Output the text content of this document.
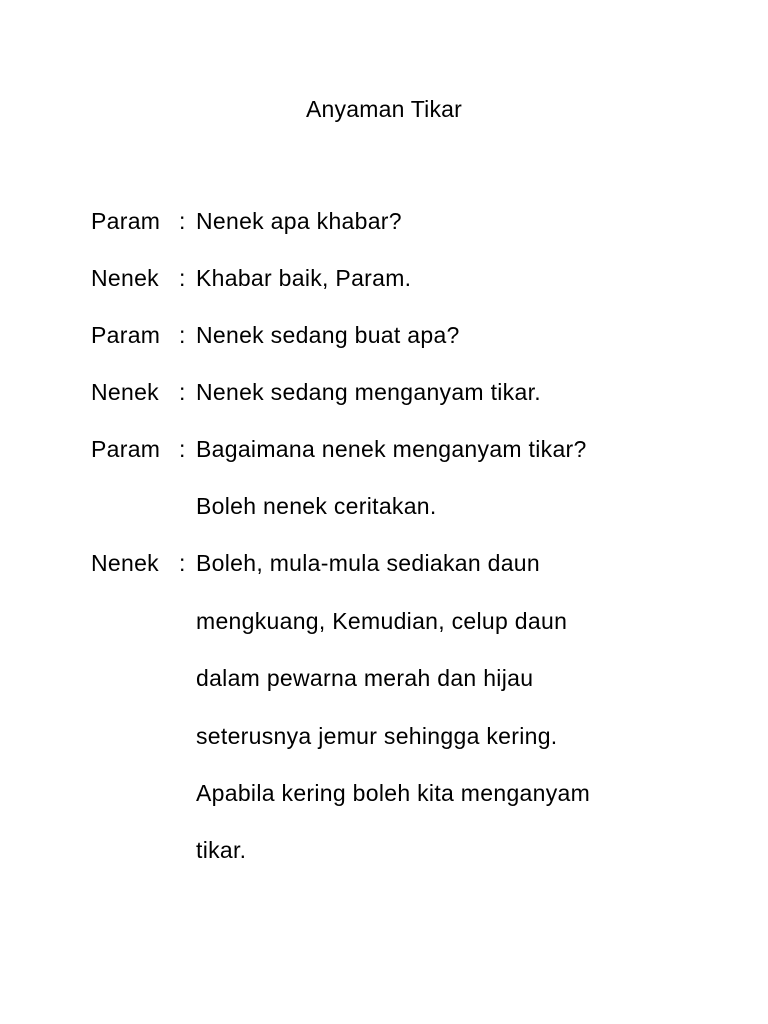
Anyaman Tikar
Param : Nenek apa khabar?
Nenek : Khabar baik, Param.
Param : Nenek sedang buat apa?
Nenek : Nenek sedang menganyam tikar.
Param : Bagaimana nenek menganyam tikar?
Boleh nenek ceritakan.
Nenek : Boleh, mula-mula sediakan daun
mengkuang, Kemudian, celup daun
dalam pewarna merah dan hijau
seterusnya jemur sehingga kering.
Apabila kering boleh kita menganyam
tikar.
